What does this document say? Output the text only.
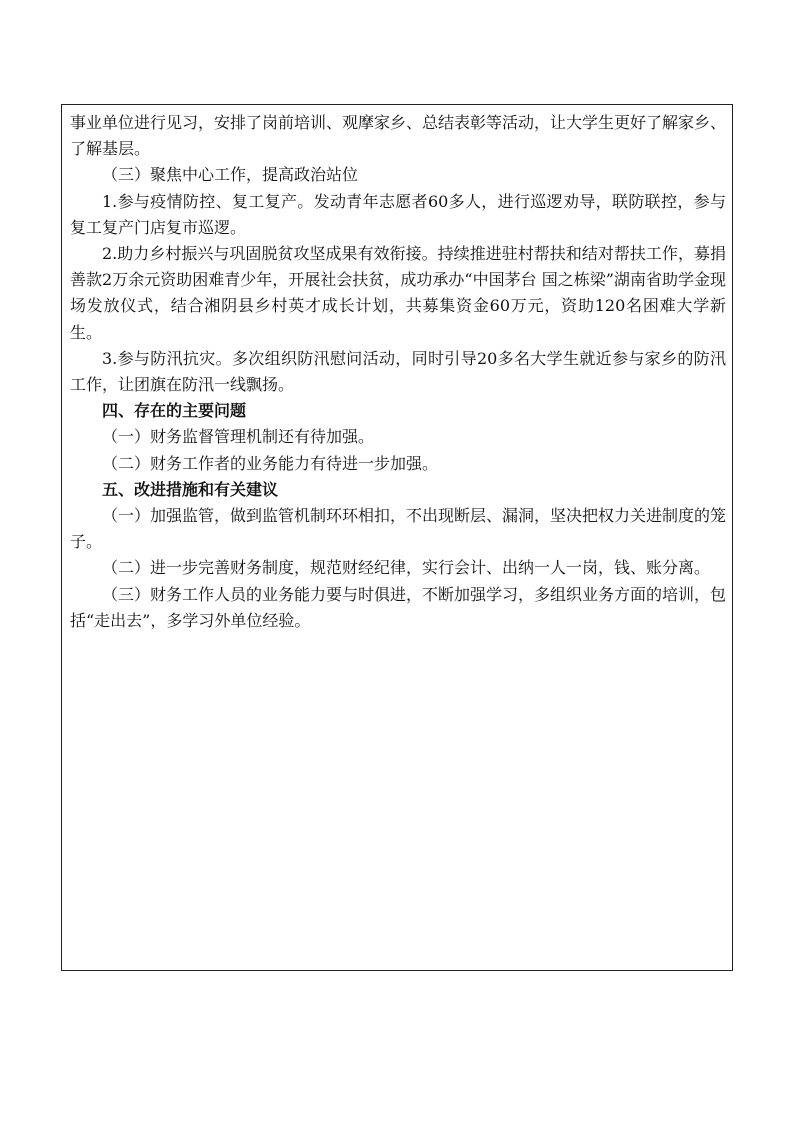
事业单位进行见习，安排了岗前培训、观摩家乡、总结表彰等活动，让大学生更好了解家乡、了解基层。

（三）聚焦中心工作，提高政治站位

1.参与疫情防控、复工复产。发动青年志愿者60多人，进行巡逻劝导，联防联控，参与复工复产门店复市巡逻。

2.助力乡村振兴与巩固脱贫攻坚成果有效衔接。持续推进驻村帮扶和结对帮扶工作，募捐善款2万余元资助困难青少年，开展社会扶贫，成功承办“中国茅台 国之栋梁”湖南省助学金现场发放仪式，结合湘阴县乡村英才成长计划，共募集资金60万元，资助120名困难大学新生。

3.参与防汛抗灾。多次组织防汛慰问活动，同时引导20多名大学生就近参与家乡的防汛工作，让团旗在防汛一线飘扬。

四、存在的主要问题

（一）财务监督管理机制还有待加强。

（二）财务工作者的业务能力有待进一步加强。

五、改进措施和有关建议

（一）加强监管，做到监管机制环环相扣，不出现断层、漏洞，坚决把权力关进制度的笼子。

（二）进一步完善财务制度，规范财经纪律，实行会计、出纳一人一岗，钱、账分离。

（三）财务工作人员的业务能力要与时俱进，不断加强学习，多组织业务方面的培训，包括“走出去”，多学习外单位经验。
